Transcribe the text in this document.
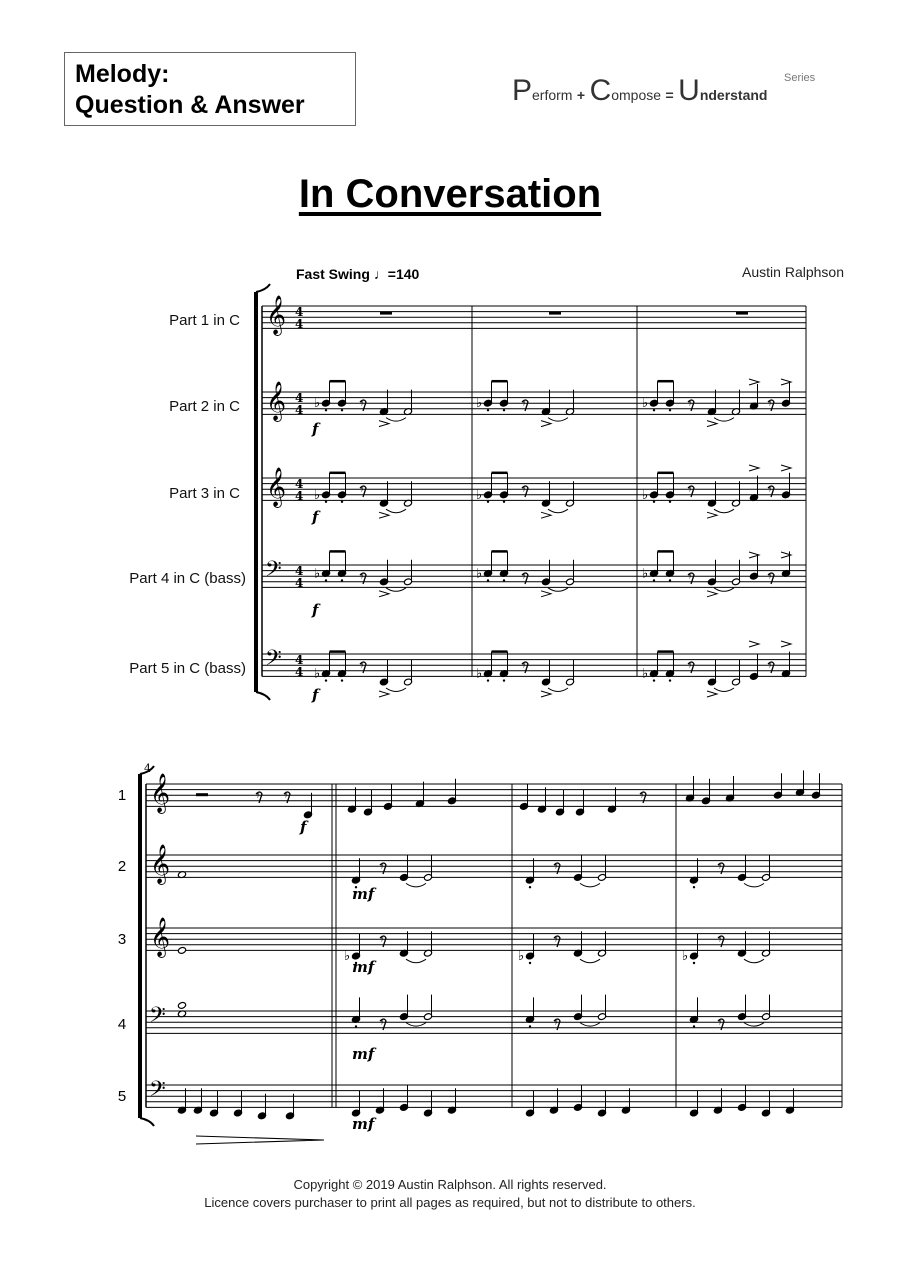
Melody:
Question & Answer	Perform + Compose = Understand
Series
In Conversation
Austin Ralphson
Fast Swing ♩=140
Part 1 in C
Part 2 in C
Part 3 in C
Part 4 in C (bass)
Part 5 in C (bass)
1
2
3
4
5
𝄞 4
4
𝄞 4
4
𝄞 4
4
𝄢 4
4
𝄢 4
4
♭	𝄾	♭	𝄾	♭	𝄾	𝄾
♭	𝄾	♭	𝄾	♭	𝄾	𝄾
♭	𝄾	♭	𝄾	♭	𝄾	𝄾
♭
𝄾
♭
𝄾
♭
𝄾	𝄾
f
f
f
f
4
𝄞
𝄞
𝄞
𝄢
𝄢
𝄾 𝄾
f
𝄾
𝄾	𝄾	𝄾
mf
♭
𝄾
♭
𝄾
♭
𝄾
mf
𝄾	𝄾	𝄾
mf
mf
Copyright © 2019 Austin Ralphson. All rights reserved.
Licence covers purchaser to print all pages as required, but not to distribute to others.
